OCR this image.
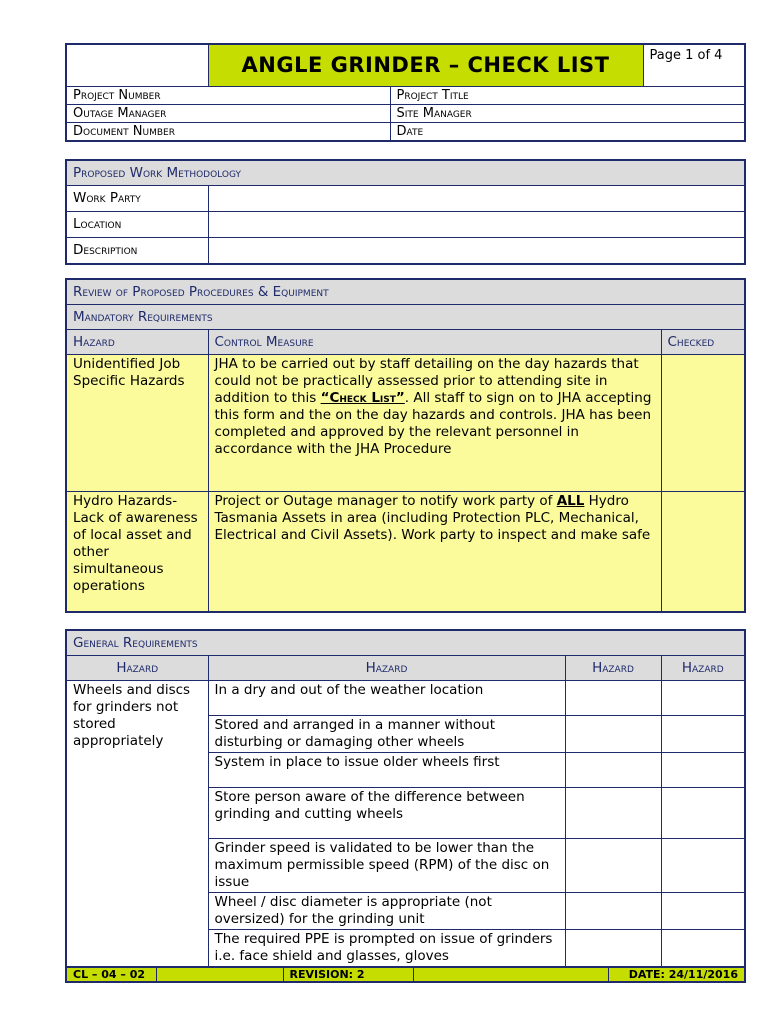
	ANGLE GRINDER – CHECK LIST		Page 1 of 4
Project Number		Project Title	
Outage Manager		Site Manager	
Document Number		Date	
Proposed Work Methodology	
Work Party	
Location	
Description	
Review of Proposed Procedures & Equipment		
Mandatory Requirements		
Hazard	Control Measure	Checked
Unidentified Job Specific Hazards	JHA to be carried out by staff detailing on the day hazards that could not be practically assessed prior to attending site in addition to this “Check List”. All staff to sign on to JHA accepting this form and the on the day hazards and controls. JHA has been completed and approved by the relevant personnel in accordance with the JHA Procedure	
Hydro Hazards- Lack of awareness of local asset and other simultaneous operations	Project or Outage manager to notify work party of ALL Hydro Tasmania Assets in area (including Protection PLC, Mechanical, Electrical and Civil Assets). Work party to inspect and make safe	
General Requirements			
Hazard	Hazard	Hazard	Hazard
Wheels and discs for grinders not stored appropriately	In a dry and out of the weather location		
	Stored and arranged in a manner without disturbing or damaging other wheels		
	System in place to issue older wheels first		
	Store person aware of the difference between grinding and cutting wheels		
	Grinder speed is validated to be lower than the maximum permissible speed (RPM) of the disc on issue		
	Wheel / disc diameter is appropriate (not oversized) for the grinding unit		
	The required PPE is prompted on issue of grinders i.e. face shield and glasses, gloves		
CL – 04 – 02		REVISION: 2		DATE: 24/11/2016
